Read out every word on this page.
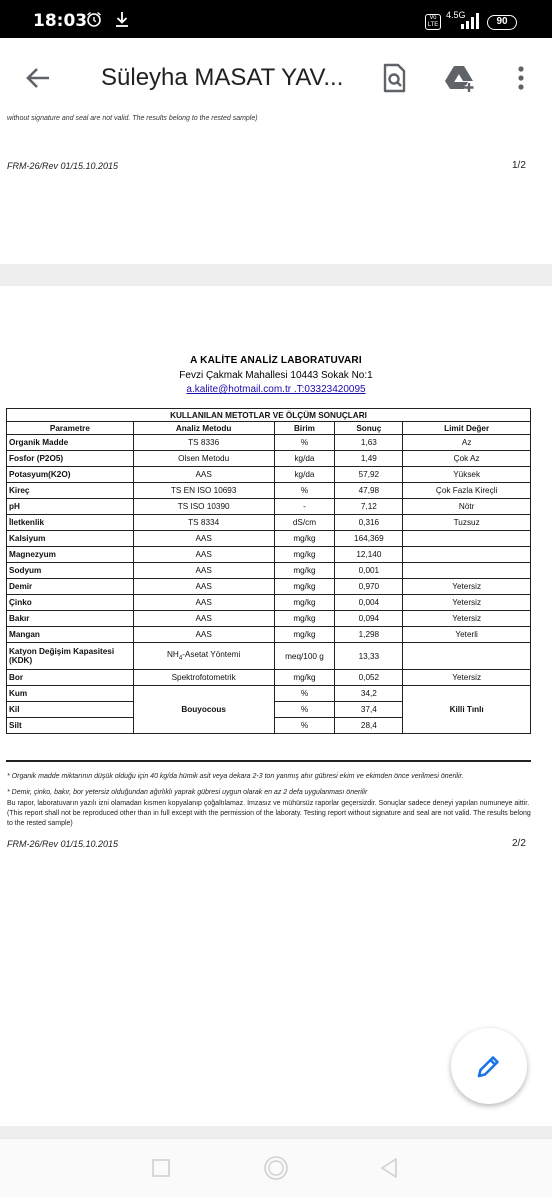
18:03	Vo LTE
4.5G
90
Süleyha MASAT YAV...
without signature and seal are not valid. The results belong to the rested sample)
FRM-26/Rev 01/15.10.2015	1/2
A KALİTE ANALİZ LABORATUVARI
Fevzi Çakmak Mahallesi 10443 Sokak No:1
a.kalite@hotmail.com.tr .T:03323420095
KULLANILAN METOTLAR VE ÖLÇÜM SONUÇLARI				
Parametre	Analiz Metodu	Birim	Sonuç	Limit Değer
Organik Madde	TS 8336	%	1,63	Az
Fosfor (P2O5)	Olsen Metodu	kg/da	1,49	Çok Az
Potasyum(K2O)	AAS	kg/da	57,92	Yüksek
Kireç	TS EN ISO 10693	%	47,98	Çok Fazla Kireçli
pH	TS ISO 10390	-	7,12	Nötr
İletkenlik	TS 8334	dS/cm	0,316	Tuzsuz
Kalsiyum	AAS	mg/kg	164,369	
Magnezyum	AAS	mg/kg	12,140	
Sodyum	AAS	mg/kg	0,001	
Demir	AAS	mg/kg	0,970	Yetersiz
Çinko	AAS	mg/kg	0,004	Yetersiz
Bakır	AAS	mg/kg	0,094	Yetersiz
Mangan	AAS	mg/kg	1,298	Yeterli
Katyon Değişim Kapasitesi (KDK)	$NH_4$-Asetat Yöntemi	meq/100 g	13,33	
Bor	Spektrofotometrik	mg/kg	0,052	Yetersiz
Kum	Bouyocous	%	34,2	Killi Tınlı
Kil		%	37,4	
Silt		%	28,4	
* Organik madde miktarının düşük olduğu için 40 kg/da hümik asit veya dekara 2-3 ton yanmış ahır gübresi ekim ve ekimden önce verilmesi önerilir.
* Demir, çinko, bakır, bor yetersiz olduğundan ağırlıklı yaprak gübresi uygun olarak en az 2 defa uygulanması önerilir
Bu rapor, laboratuvarın yazılı izni olamadan kısmen kopyalanıp çoğaltılamaz. İmzasız ve mühürsüz raporlar geçersizdir. Sonuçlar sadece deneyi yapılan numuneye aittir. (This report shall not be reproduced other than in full except with the permission of the laboraty. Testing report without signature and seal are not valid. The results belong to the rested sample)
FRM-26/Rev 01/15.10.2015	2/2
